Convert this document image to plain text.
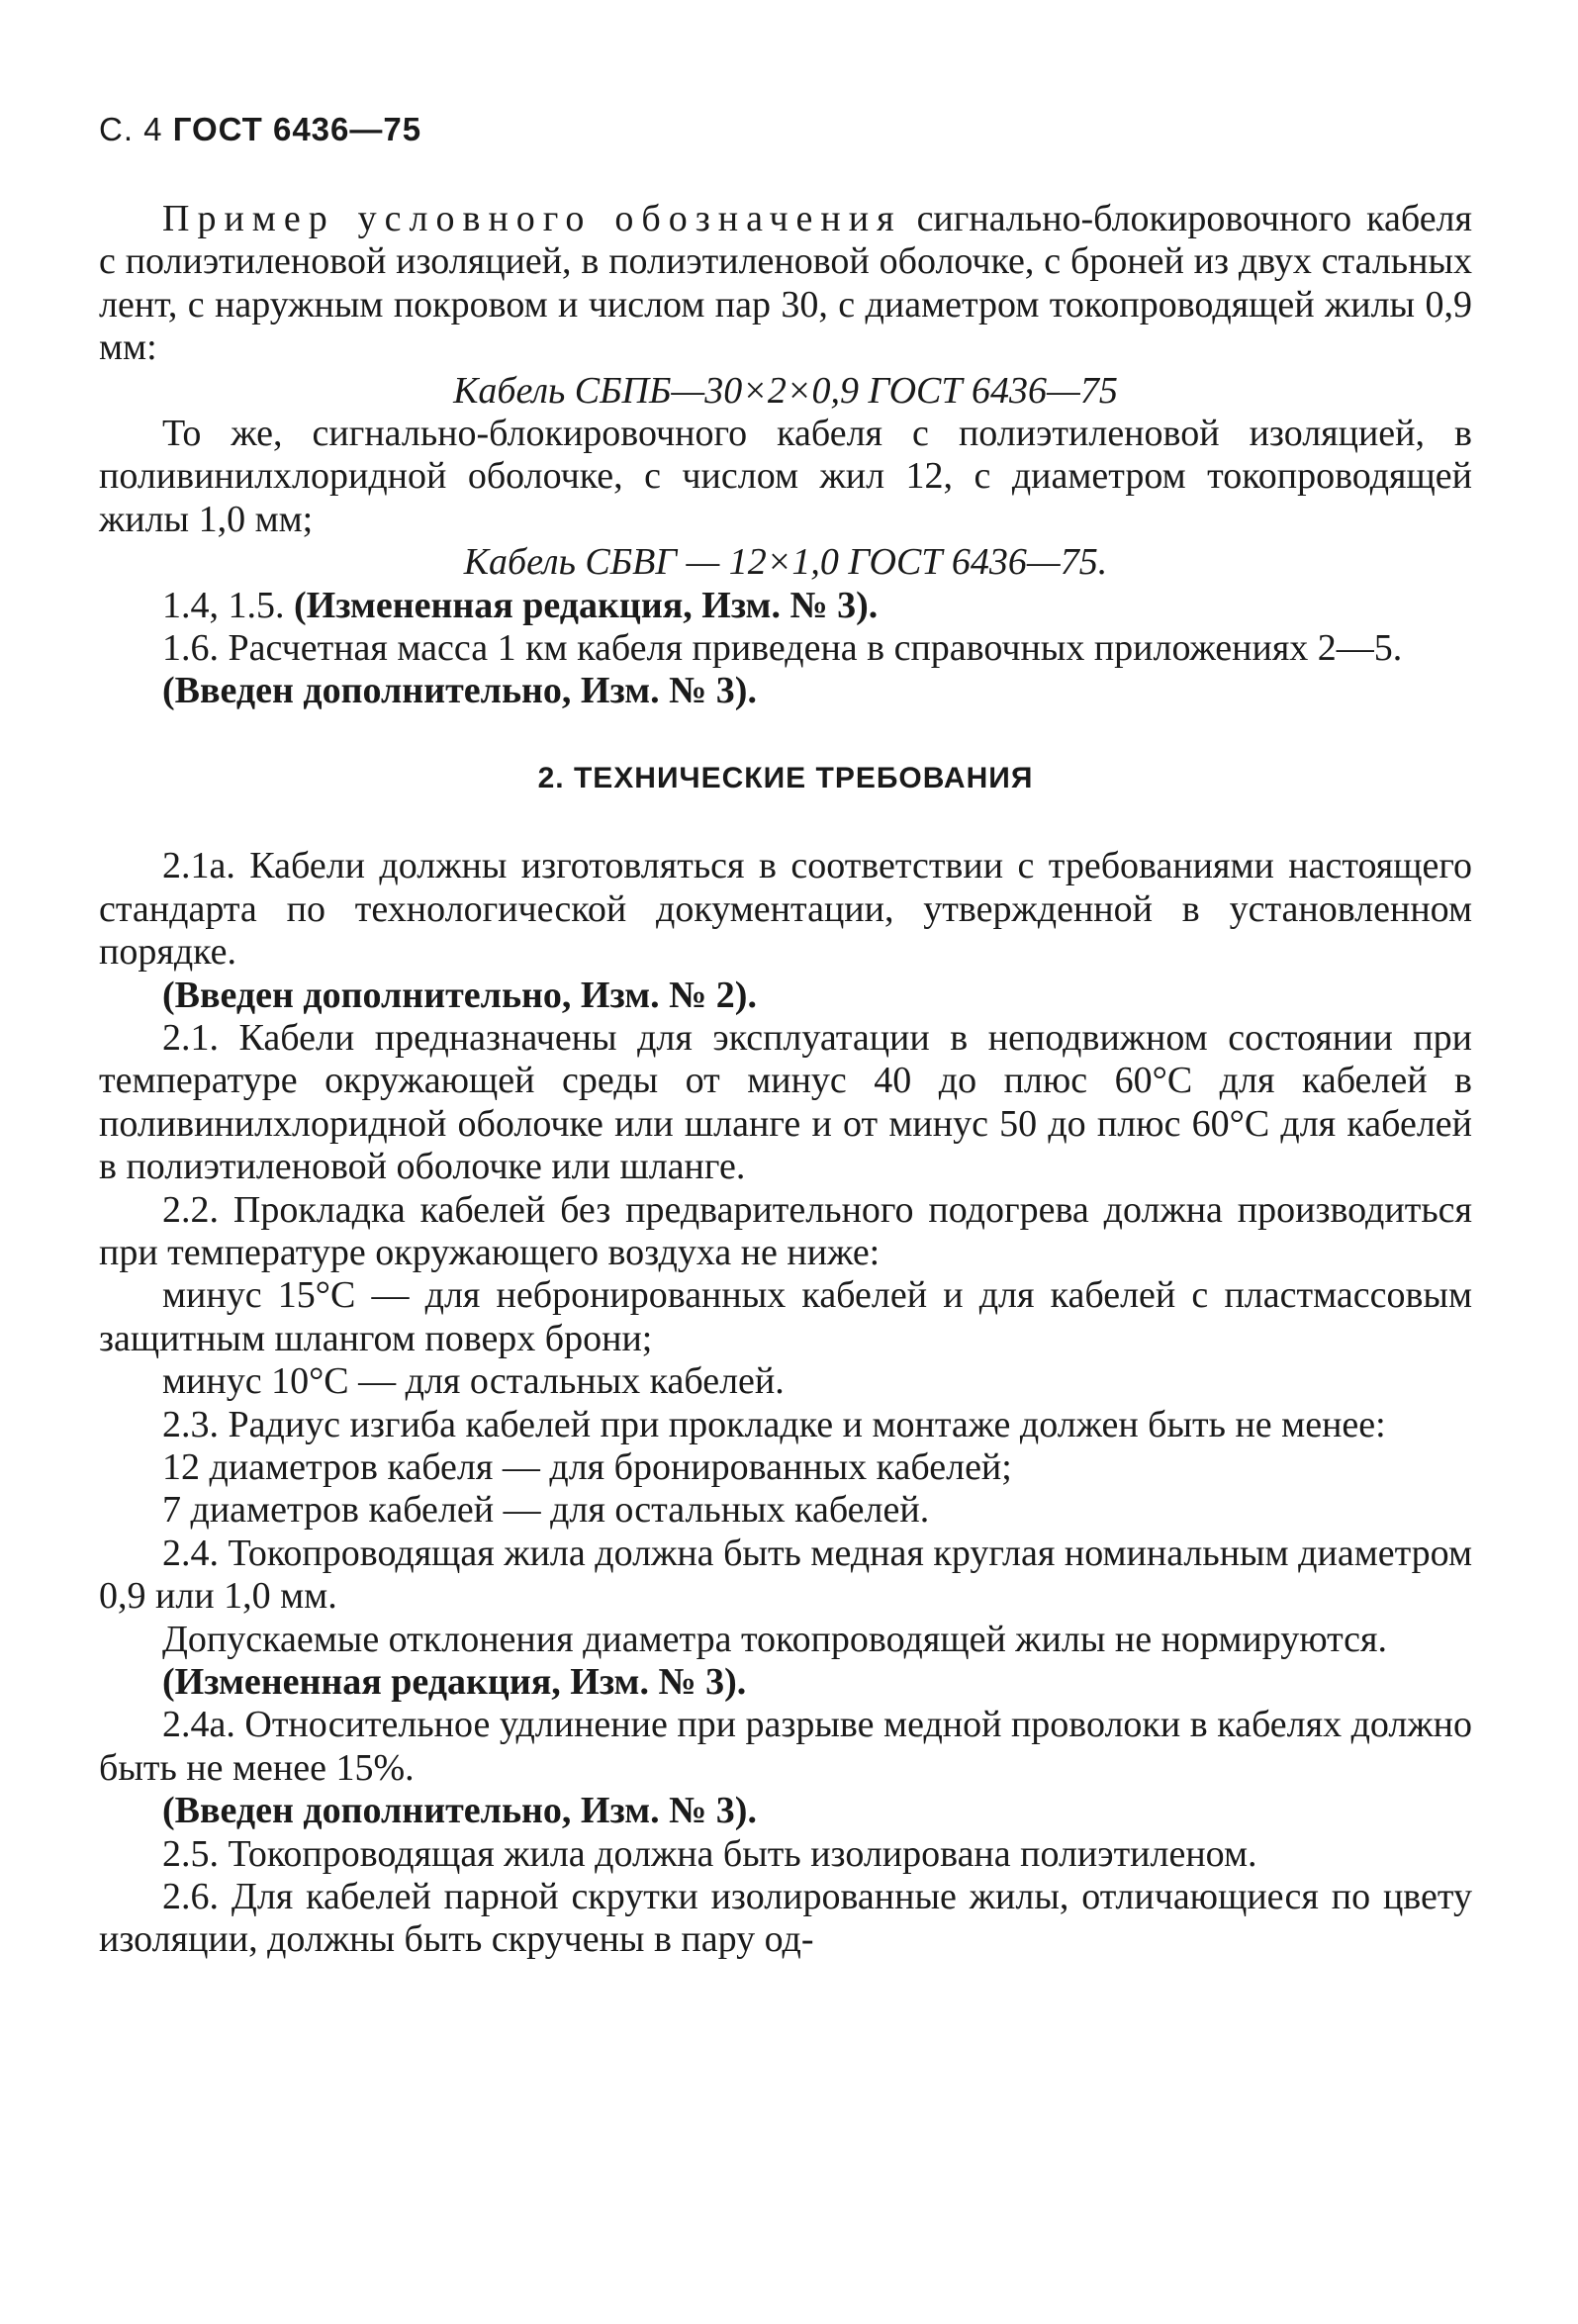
С. 4 ГОСТ 6436—75

Пример условного обозначения сигнально-блокировочного кабеля с полиэтиленовой изоляцией, в полиэтиленовой оболочке, с броней из двух стальных лент, с наружным покровом и числом пар 30, с диаметром токопроводящей жилы 0,9 мм:

Кабель СБПБ—30×2×0,9 ГОСТ 6436—75

То же, сигнально-блокировочного кабеля с полиэтиленовой изоляцией, в поливинилхлоридной оболочке, с числом жил 12, с диаметром токопроводящей жилы 1,0 мм;

Кабель СБВГ — 12×1,0 ГОСТ 6436—75.

1.4, 1.5. (Измененная редакция, Изм. № 3).

1.6. Расчетная масса 1 км кабеля приведена в справочных приложениях 2—5.

(Введен дополнительно, Изм. № 3).

2. ТЕХНИЧЕСКИЕ ТРЕБОВАНИЯ

2.1а. Кабели должны изготовляться в соответствии с требованиями настоящего стандарта по технологической документации, утвержденной в установленном порядке.

(Введен дополнительно, Изм. № 2).

2.1. Кабели предназначены для эксплуатации в неподвижном состоянии при температуре окружающей среды от минус 40 до плюс 60°С для кабелей в поливинилхлоридной оболочке или шланге и от минус 50 до плюс 60°С для кабелей в полиэтиленовой оболочке или шланге.

2.2. Прокладка кабелей без предварительного подогрева должна производиться при температуре окружающего воздуха не ниже:

минус 15°С — для небронированных кабелей и для кабелей с пластмассовым защитным шлангом поверх брони;

минус 10°С — для остальных кабелей.

2.3. Радиус изгиба кабелей при прокладке и монтаже должен быть не менее:

12 диаметров кабеля — для бронированных кабелей;

7 диаметров кабелей — для остальных кабелей.

2.4. Токопроводящая жила должна быть медная круглая номинальным диаметром 0,9 или 1,0 мм.

Допускаемые отклонения диаметра токопроводящей жилы не нормируются.

(Измененная редакция, Изм. № 3).

2.4а. Относительное удлинение при разрыве медной проволоки в кабелях должно быть не менее 15%.

(Введен дополнительно, Изм. № 3).

2.5. Токопроводящая жила должна быть изолирована полиэтиленом.

2.6. Для кабелей парной скрутки изолированные жилы, отличающиеся по цвету изоляции, должны быть скручены в пару од-
